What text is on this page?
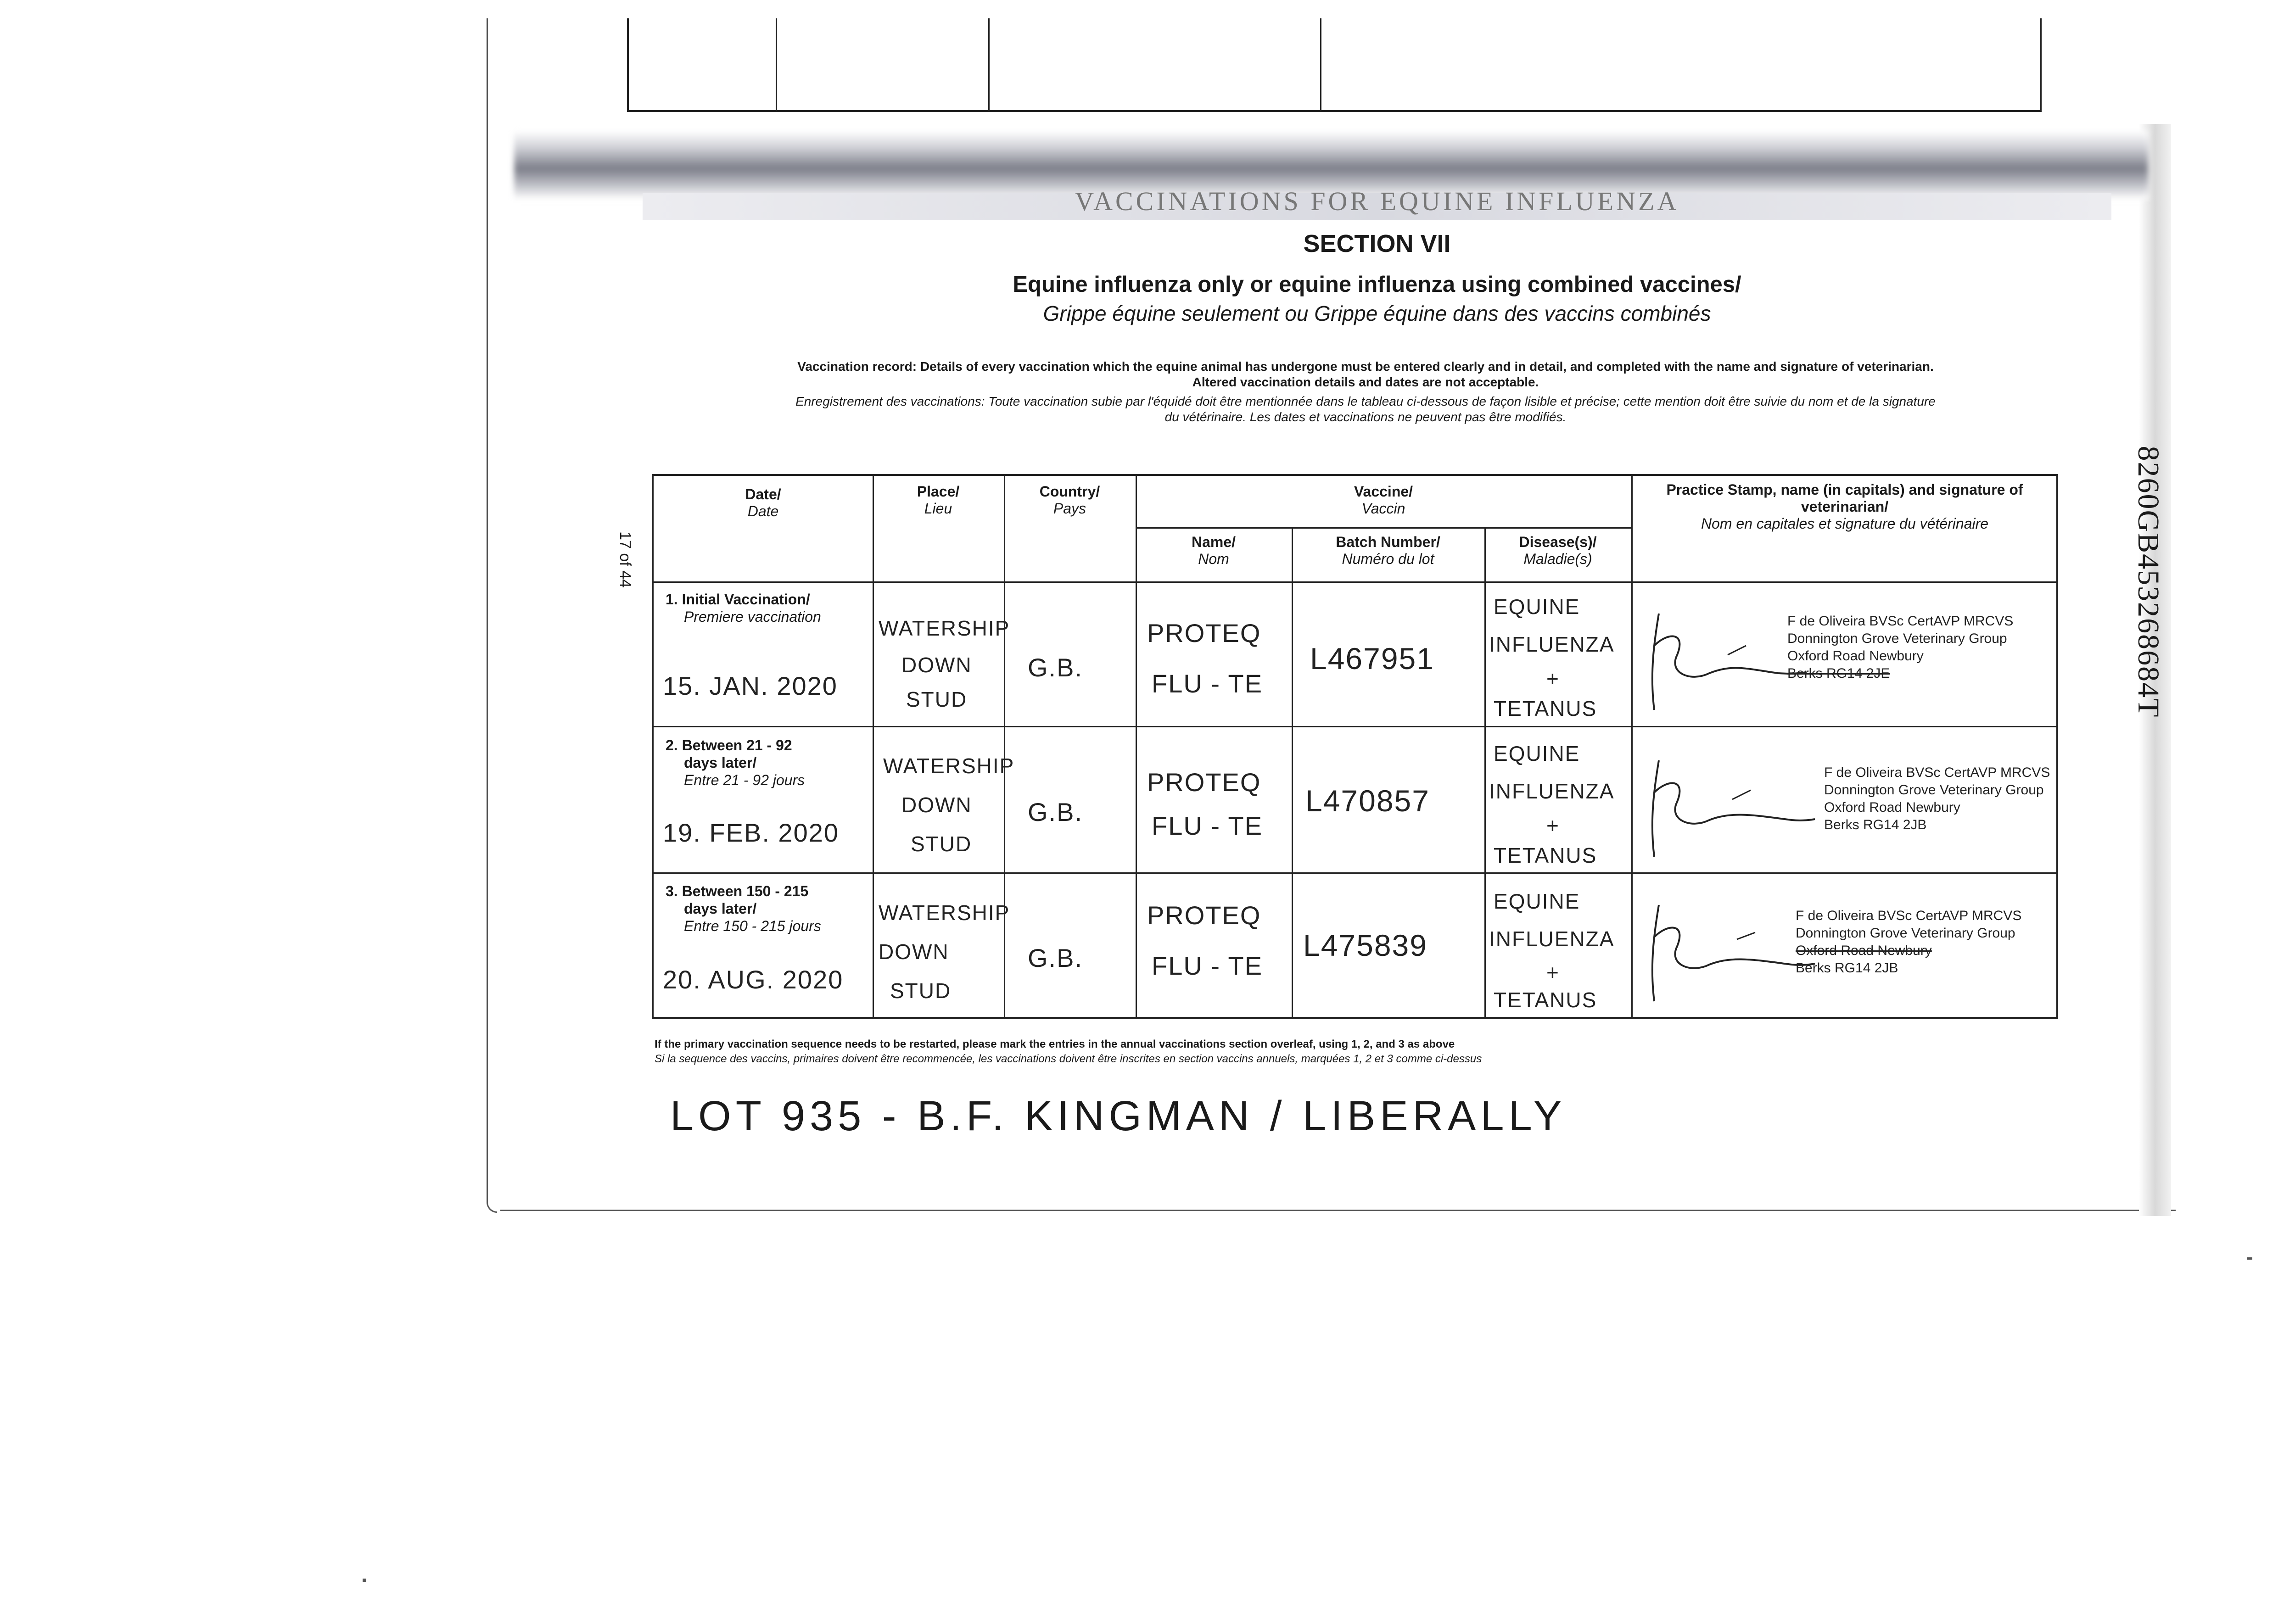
VACCINATIONS FOR EQUINE INFLUENZA
SECTION VII
Equine influenza only or equine influenza using combined vaccines/
Grippe équine seulement ou Grippe équine dans des vaccins combinés
Vaccination record: Details of every vaccination which the equine animal has undergone must be entered clearly and in detail, and completed with the name and signature of veterinarian.
Altered vaccination details and dates are not acceptable.
Enregistrement des vaccinations: Toute vaccination subie par l'équidé doit être mentionnée dans le tableau ci-dessous de façon lisible et précise; cette mention doit être suivie du nom et de la signature
du vétérinaire. Les dates et vaccinations ne peuvent pas être modifiés.
17 of 44	8260GB453268684T
Date/
Date
Place/
Lieu
Country/
Pays
Vaccine/
Vaccin
Name/
Nom
Batch Number/
Numéro du lot
Disease(s)/
Maladie(s)
Practice Stamp, name (in capitals) and signature of
veterinarian/
Nom en capitales et signature du vétérinaire
1. Initial Vaccination/
Premiere vaccination
15. JAN. 2020
WATERSHIP
DOWN
STUD
G.B.
PROTEQ
FLU - TE
L467951
EQUINE
INFLUENZA
+
TETANUS
F de Oliveira BVSc CertAVP MRCVS
Donnington Grove Veterinary Group
Oxford Road Newbury
Berks RG14 2JE
2. Between 21 - 92
days later/
Entre 21 - 92 jours
19. FEB. 2020
WATERSHIP
DOWN
STUD
G.B.
PROTEQ
FLU - TE
L470857
EQUINE
INFLUENZA
+
TETANUS
F de Oliveira BVSc CertAVP MRCVS
Donnington Grove Veterinary Group
Oxford Road Newbury
Berks RG14 2JB
3. Between 150 - 215
days later/
Entre 150 - 215 jours
20. AUG. 2020
WATERSHIP
DOWN
STUD
G.B.
PROTEQ
FLU - TE
L475839
EQUINE
INFLUENZA
+
TETANUS
F de Oliveira BVSc CertAVP MRCVS
Donnington Grove Veterinary Group
Oxford Road Newbury
Berks RG14 2JB
If the primary vaccination sequence needs to be restarted, please mark the entries in the annual vaccinations section overleaf, using 1, 2, and 3 as above
Si la sequence des vaccins, primaires doivent être recommencée, les vaccinations doivent être inscrites en section vaccins annuels, marquées 1, 2 et 3 comme ci-dessus
LOT 935 - B.F. KINGMAN / LIBERALLY
